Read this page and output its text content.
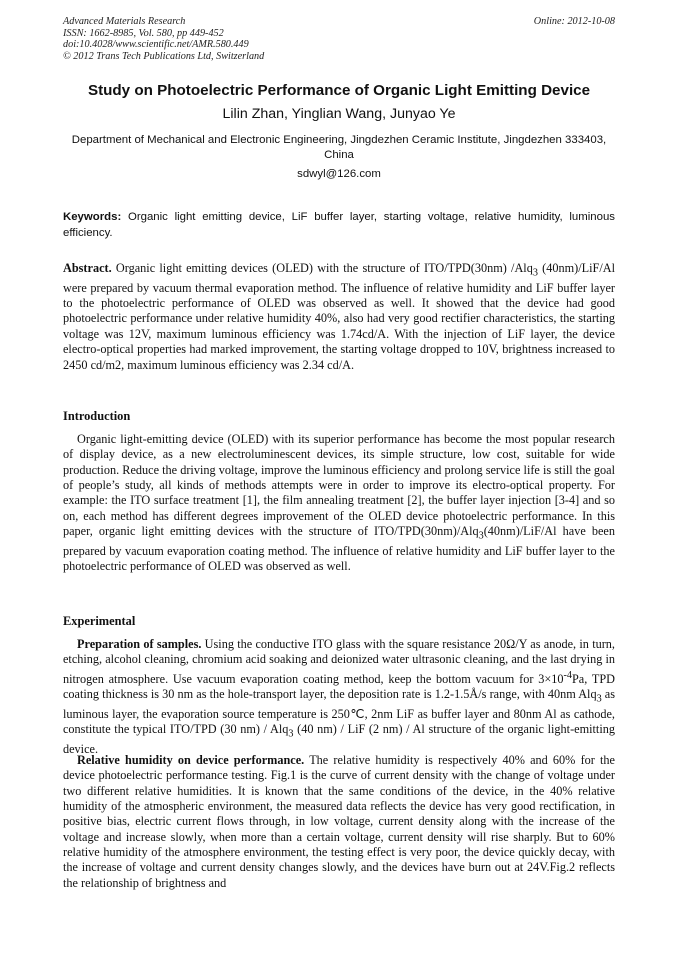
Advanced Materials Research
ISSN: 1662-8985, Vol. 580, pp 449-452
doi:10.4028/www.scientific.net/AMR.580.449
© 2012 Trans Tech Publications Ltd, Switzerland
Online: 2012-10-08
Study on Photoelectric Performance of Organic Light Emitting Device
Lilin Zhan, Yinglian Wang, Junyao Ye
Department of Mechanical and Electronic Engineering, Jingdezhen Ceramic Institute, Jingdezhen 333403, China
sdwyl@126.com
Keywords: Organic light emitting device, LiF buffer layer, starting voltage, relative humidity, luminous efficiency.
Abstract. Organic light emitting devices (OLED) with the structure of ITO/TPD(30nm) /Alq$_3$ (40nm)/LiF/Al were prepared by vacuum thermal evaporation method. The influence of relative humidity and LiF buffer layer to the photoelectric performance of OLED was observed as well. It showed that the device had good photoelectric performance under relative humidity 40%, also had very good rectifier characteristics, the starting voltage was 12V, maximum luminous efficiency was 1.74cd/A. With the injection of LiF layer, the device electro-optical properties had marked improvement, the starting voltage dropped to 10V, brightness increased to 2450 cd/m2, maximum luminous efficiency was 2.34 cd/A.
Introduction

Organic light-emitting device (OLED) with its superior performance has become the most popular research of display device, as a new electroluminescent devices, its simple structure, low cost, suitable for wide production. Reduce the driving voltage, improve the luminous efficiency and prolong service life is still the goal of people’s study, all kinds of methods attempts were in order to improve its electro-optical property. For example: the ITO surface treatment [1], the film annealing treatment [2], the buffer layer injection [3-4] and so on, each method has different degrees improvement of the OLED device photoelectric performance. In this paper, organic light emitting devices with the structure of ITO/TPD(30nm)/Alq$_3$(40nm)/LiF/Al have been prepared by vacuum evaporation coating method. The influence of relative humidity and LiF buffer layer to the photoelectric performance of OLED was observed as well.

Experimental

Preparation of samples. Using the conductive ITO glass with the square resistance 20Ω/Υ as anode, in turn, etching, alcohol cleaning, chromium acid soaking and deionized water ultrasonic cleaning, and the last drying in nitrogen atmosphere. Use vacuum evaporation coating method, keep the bottom vacuum for $3\times 10^{-4}Pa$, TPD coating thickness is 30 nm as the hole-transport layer, the deposition rate is 1.2-1.5Å/s range, with 40nm Alq$_3$ as luminous layer, the evaporation source temperature is 250℃, 2nm LiF as buffer layer and 80nm Al as cathode, constitute the typical ITO/TPD (30 nm) / Alq$_3$ (40 nm) / LiF (2 nm) / Al structure of the organic light-emitting device.

Relative humidity on device performance. The relative humidity is respectively 40% and 60% for the device photoelectric performance testing. Fig.1 is the curve of current density with the change of voltage under two different relative humidities. It is known that the same conditions of the device, in the 40% relative humidity of the atmospheric environment, the measured data reflects the device has very good rectification, in positive bias, electric current flows through, in low voltage, current density along with the increase of the voltage and increase slowly, when more than a certain voltage, current density will rise sharply. But to 60% relative humidity of the atmosphere environment, the testing effect is very poor, the device quickly decay, with the increase of voltage and current density changes slowly, and the devices have burn out at 24V.Fig.2 reflects the relationship of brightness and
